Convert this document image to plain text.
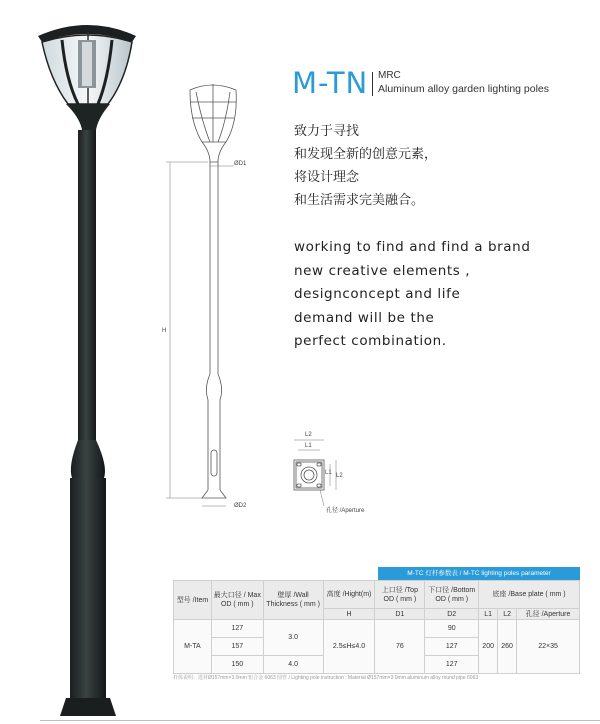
ØD1
H
ØD2
L2
L1
L1 L2
孔径 /Aperture
M-TN MRC
Aluminum alloy garden lighting poles
致力于寻找
和发现全新的创意元素，
将设计理念
和生活需求完美融合。
working to find and find a brand
new creative elements ,
designconcept and life
demand will be the
perfect combination.
M-TC 灯杆参数表 / M-TC lighting poles parameter
型号 /Item	最大口径 / Max OD ( mm )	壁厚 /Wall Thickness ( mm )	高度 /Hight(m)	上口径 /Top OD ( mm )	下口径 /Bottom OD ( mm )	底座 /Base plate ( mm )		
			H	D1	D2	L1	L2	孔径 /Aperture
M-TA	127	3.0	2.5≤H≤4.0	76	90	200	260	22×35
	157				127			
	150	4.0			127			
杆体说明：选材Ø157mm×3.0mm 铝合金 6063 圆管 / Lighting pole instruction : Material Ø157mm×3.0mm aluminum alloy round pipe 6063
